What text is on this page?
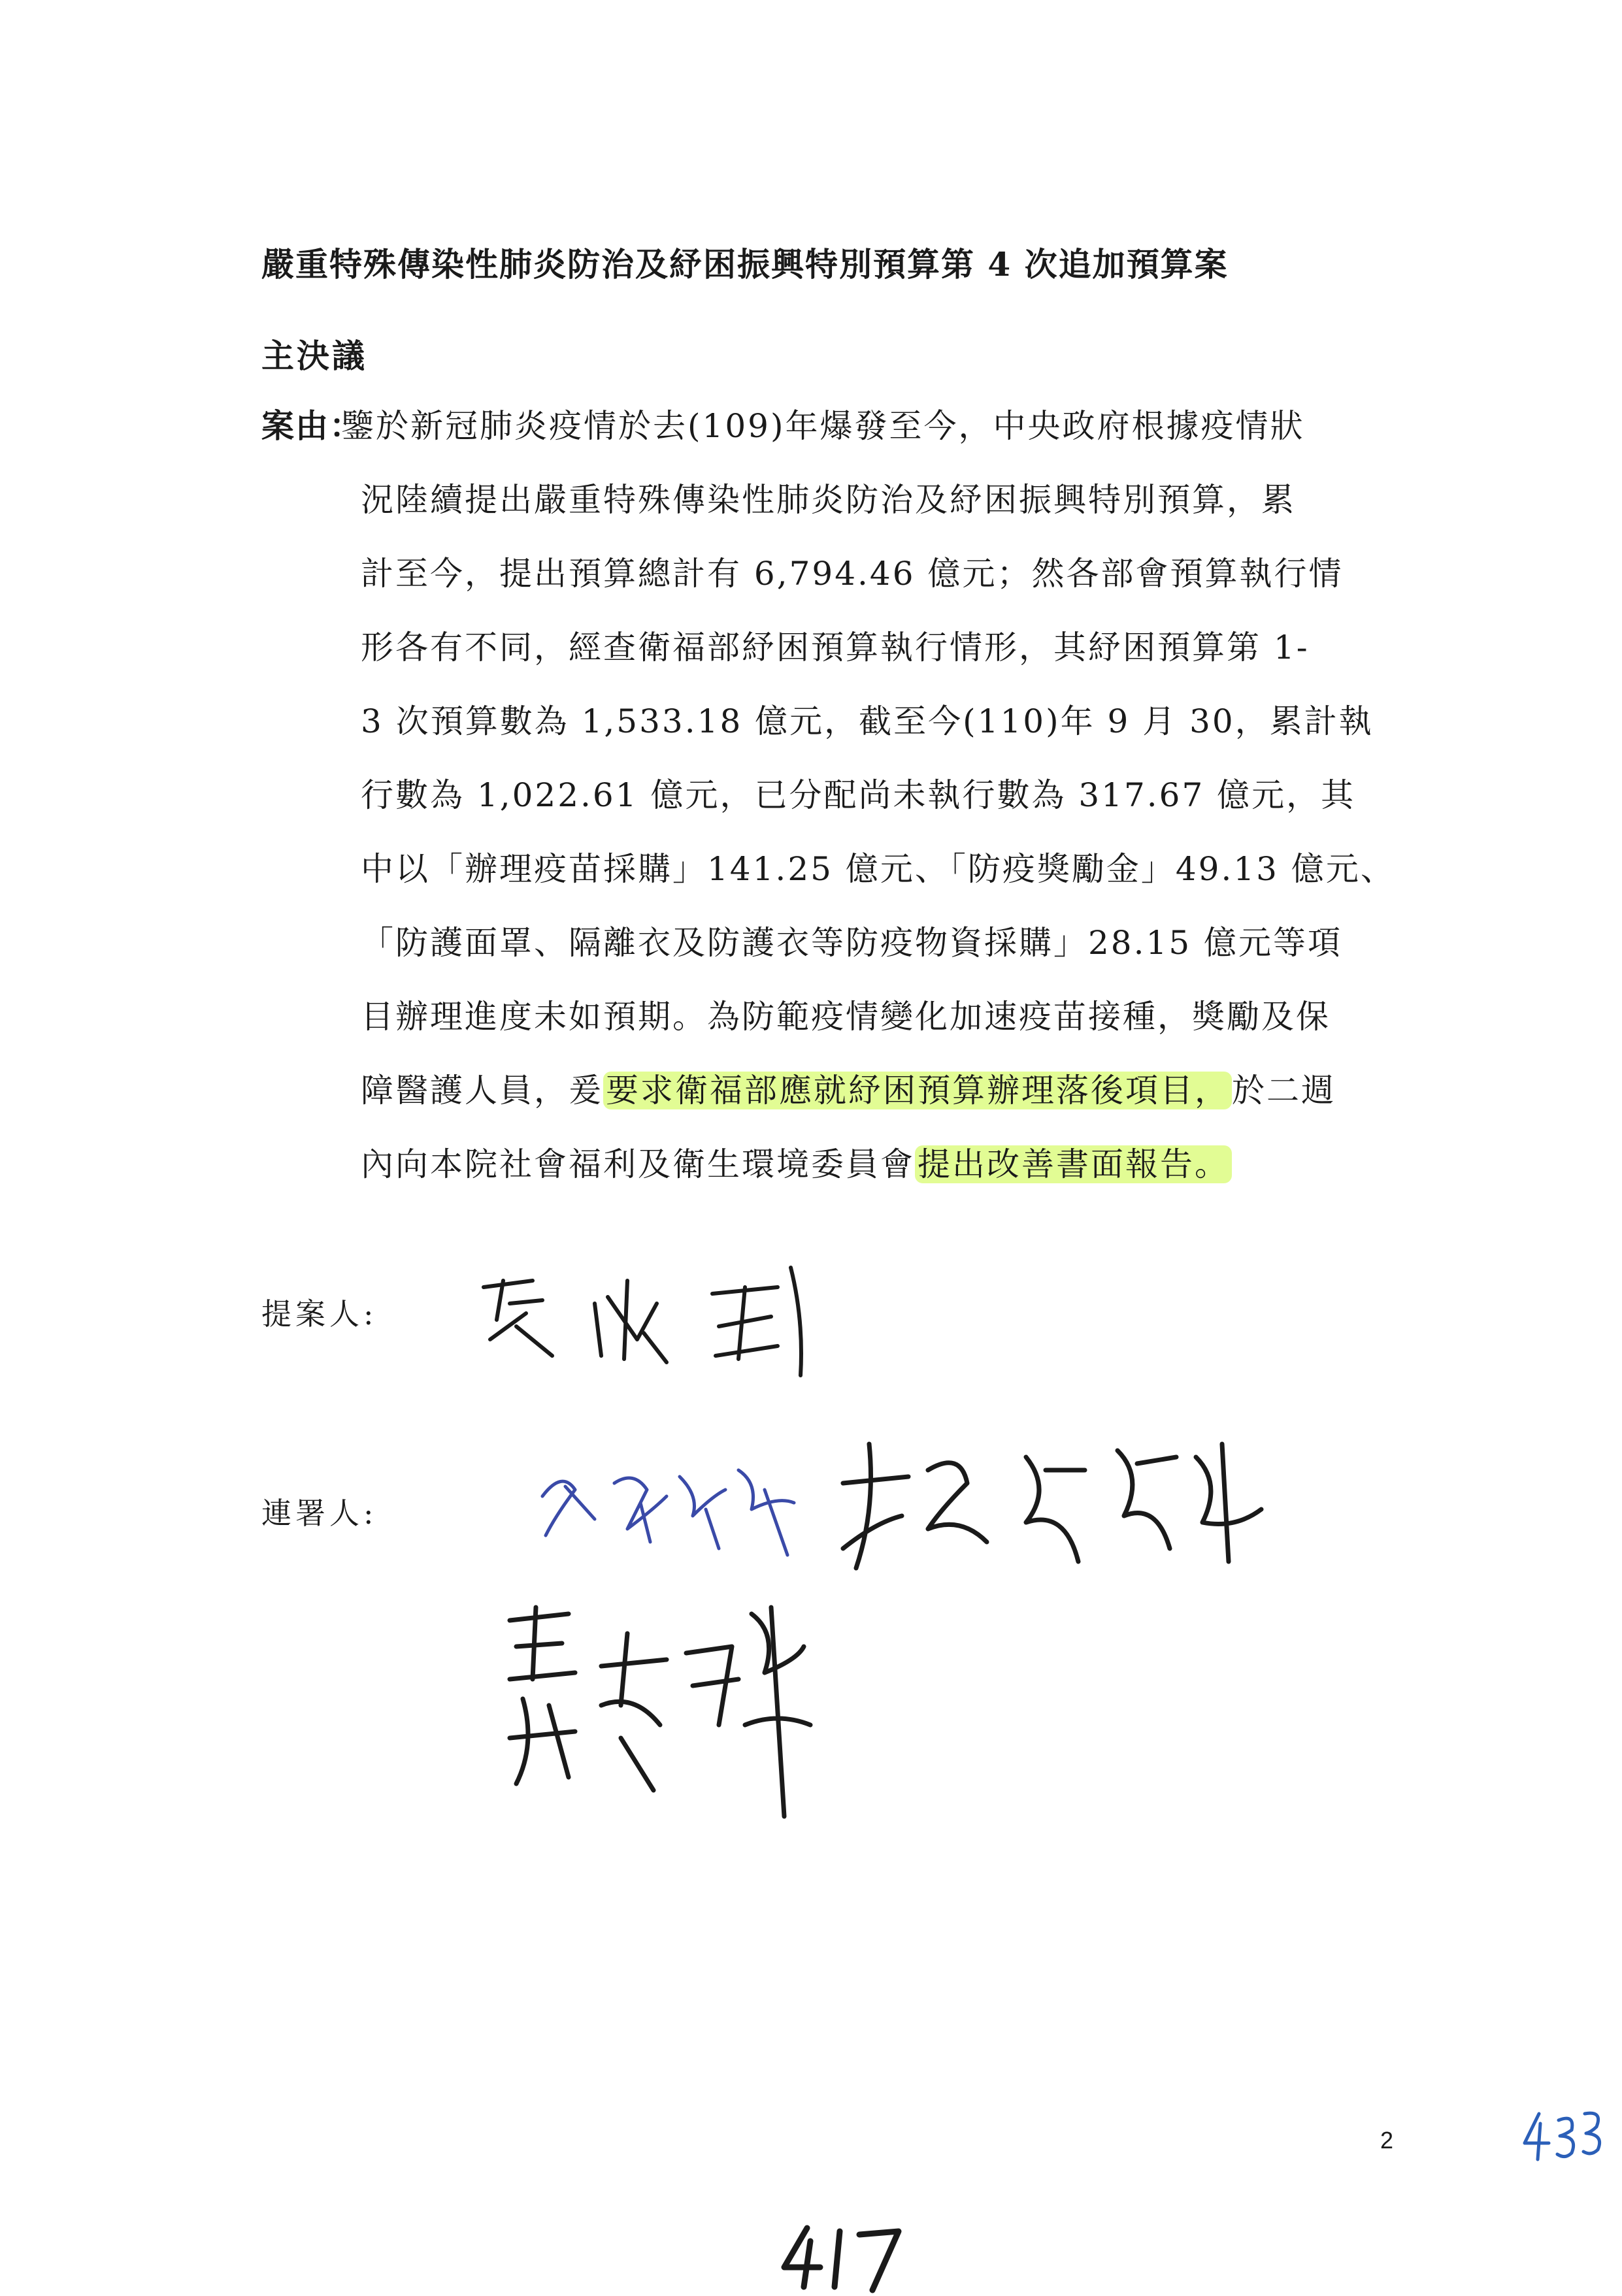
嚴重特殊傳染性肺炎防治及紓困振興特別預算第 4 次追加預算案
主決議
案由：
鑒於新冠肺炎疫情於去(109)年爆發至今，中央政府根據疫情狀
況陸續提出嚴重特殊傳染性肺炎防治及紓困振興特別預算，累
計至今，提出預算總計有 6,794.46 億元；然各部會預算執行情
形各有不同，經查衛福部紓困預算執行情形，其紓困預算第 1-
3 次預算數為 1,533.18 億元，截至今(110)年 9 月 30，累計執
行數為 1,022.61 億元，已分配尚未執行數為 317.67 億元，其
中以「辦理疫苗採購」141.25 億元、「防疫獎勵金」49.13 億元、
「防護面罩、隔離衣及防護衣等防疫物資採購」28.15 億元等項
目辦理進度未如預期。為防範疫情變化加速疫苗接種，獎勵及保
障醫護人員，爰要求衛福部應就紓困預算辦理落後項目，於二週
內向本院社會福利及衛生環境委員會提出改善書面報告。
提案人:
連署人:
2
